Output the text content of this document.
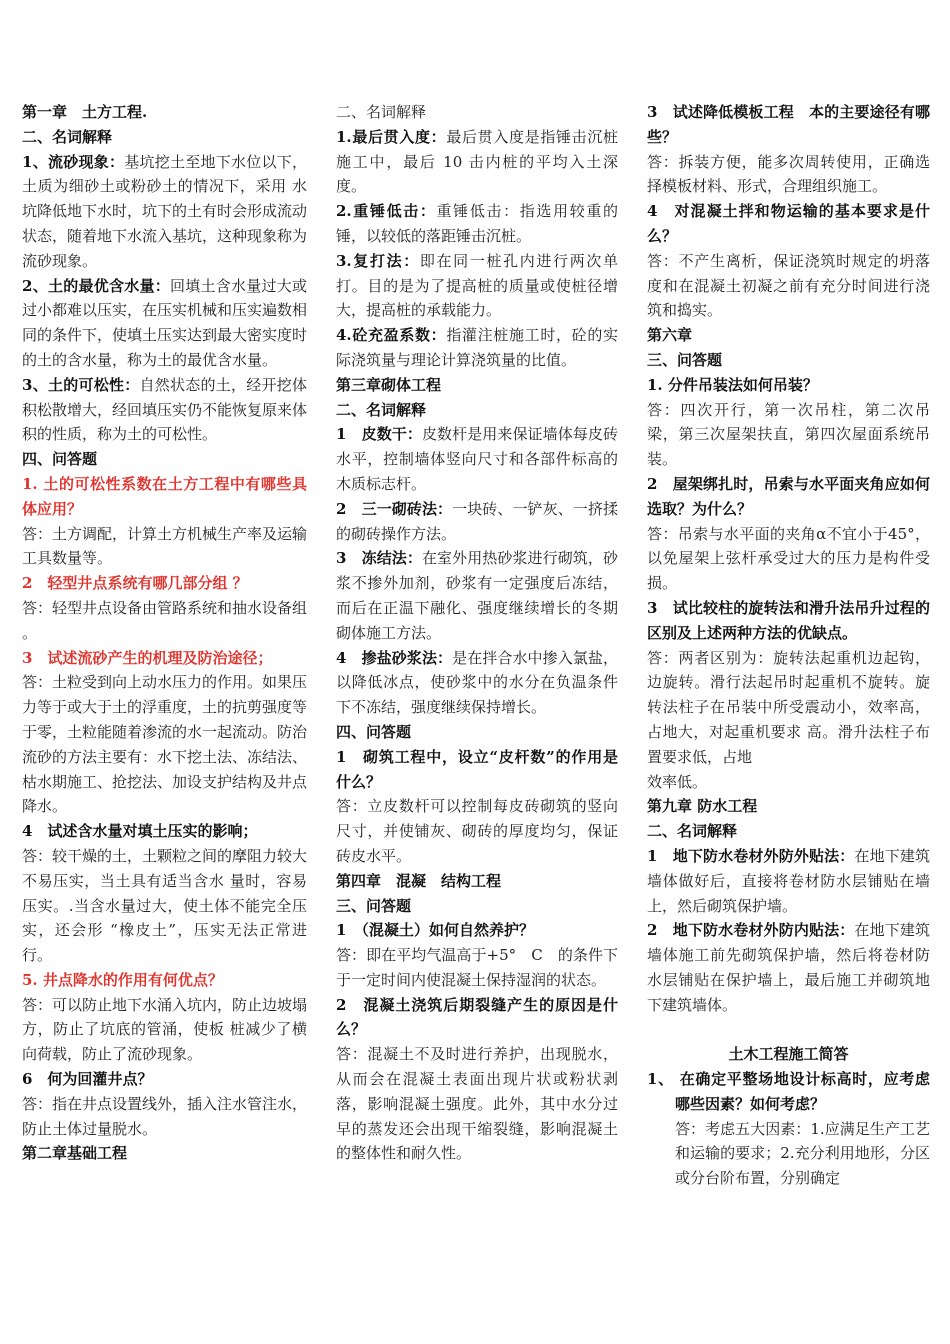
第一章　土方工程.

二、名词解释

1、流砂现象：基坑挖土至地下水位以下，土质为细砂土或粉砂土的情况下，采用 水坑降低地下水时，坑下的土有时会形成流动状态，随着地下水流入基坑，这种现象称为流砂现象。

2、土的最优含水量：回填土含水量过大或过小都难以压实，在压实机械和压实遍数相同的条件下，使填土压实达到最大密实度时的土的含水量，称为土的最优含水量。

3、土的可松性：自然状态的土，经开挖体积松散增大，经回填压实仍不能恢复原来体积的性质，称为土的可松性。

四、问答题

1. 土的可松性系数在土方工程中有哪些具体应用？

答：土方调配，计算土方机械生产率及运输工具数量等。

2　轻型井点系统有哪几部分组 ？

答：轻型井点设备由管路系统和抽水设备组 。

3　试述流砂产生的机理及防治途径；

答：土粒受到向上动水压力的作用。如果压力等于或大于土的浮重度，土的抗剪强度等于零，土粒能随着渗流的水一起流动。防治流砂的方法主要有：水下挖土法、冻结法、枯水期施工、抢挖法、加设支护结构及井点降水。

4　试述含水量对填土压实的影响；

答：较干燥的土，土颗粒之间的摩阻力较大不易压实，当土具有适当含水 量时，容易压实。.当含水量过大，使土体不能完全压实，还会形 “橡皮土”，压实无法正常进行。

5. 井点降水的作用有何优点？

答：可以防止地下水涌入坑内，防止边坡塌方，防止了坑底的管涌，使板 桩减少了横向荷载，防止了流砂现象。

6　何为回灌井点？

答：指在井点设置线外，插入注水管注水，防止土体过量脱水。

第二章基础工程

二、名词解释

1.最后贯入度：最后贯入度是指锤击沉桩施工中，最后 10 击内桩的平均入土深度。

2.重锤低击：重锤低击：指选用较重的锤，以较低的落距锤击沉桩。

3.复打法：即在同一桩孔内进行两次单打。目的是为了提高桩的质量或使桩径增大，提高桩的承载能力。

4.砼充盈系数：指灌注桩施工时，砼的实际浇筑量与理论计算浇筑量的比值。

第三章砌体工程

二、名词解释

1　皮数干：皮数杆是用来保证墙体每皮砖水平，控制墙体竖向尺寸和各部件标高的木质标志杆。

2　三一砌砖法：一块砖、一铲灰、一挤揉的砌砖操作方法。

3　冻结法：在室外用热砂浆进行砌筑，砂浆不掺外加剂，砂浆有一定强度后冻结，而后在正温下融化、强度继续增长的冬期砌体施工方法。

4　掺盐砂浆法：是在拌合水中掺入氯盐，以降低冰点，使砂浆中的水分在负温条件下不冻结，强度继续保持增长。

四、问答题

1　砌筑工程中，设立“皮杆数”的作用是什么？

答：立皮数杆可以控制每皮砖砌筑的竖向尺寸，并使铺灰、砌砖的厚度均匀，保证砖皮水平。

第四章　混凝　结构工程

三、问答题

1　（混凝土）如何自然养护？

答：即在平均气温高于+5°　C　的条件下于一定时间内使混凝土保持湿润的状态。

2　混凝土浇筑后期裂缝产生的原因是什么？

答：混凝土不及时进行养护，出现脱水，从而会在混凝土表面出现片状或粉状剥落，影响混凝土强度。此外，其中水分过早的蒸发还会出现干缩裂缝，影响混凝土的整体性和耐久性。

3　试述降低模板工程　本的主要途径有哪些？

答：拆装方便，能多次周转使用，正确选择模板材料、形式，合理组织施工。

4　对混凝土拌和物运输的基本要求是什么？

答：不产生离析，保证浇筑时规定的坍落度和在混凝土初凝之前有充分时间进行浇筑和捣实。

第六章

三、问答题

1. 分件吊装法如何吊装？

答：四次开行，第一次吊柱，第二次吊梁，第三次屋架扶直，第四次屋面系统吊装。

2　屋架绑扎时，吊索与水平面夹角应如何选取？为什么？

答：吊索与水平面的夹角α不宜小于45°，以免屋架上弦杆承受过大的压力是构件受损。

3　试比较柱的旋转法和滑升法吊升过程的区别及上述两种方法的优缺点。

答：两者区别为：旋转法起重机边起钩，边旋转。滑行法起吊时起重机不旋转。旋转法柱子在吊装中所受震动小，效率高，占地大，对起重机要求 高。滑升法柱子布置要求低，占地

效率低。

第九章 防水工程

二、名词解释

1　地下防水卷材外防外贴法：在地下建筑墙体做好后，直接将卷材防水层铺贴在墙上，然后砌筑保护墙。

2　地下防水卷材外防内贴法：在地下建筑墙体施工前先砌筑保护墙，然后将卷材防水层铺贴在保护墙上，最后施工并砌筑地下建筑墙体。

土木工程施工简答

1、 在确定平整场地设计标高时，应考虑哪些因素？如何考虑？

答：考虑五大因素：1.应满足生产工艺和运输的要求；2.充分利用地形，分区或分台阶布置，分别确定
